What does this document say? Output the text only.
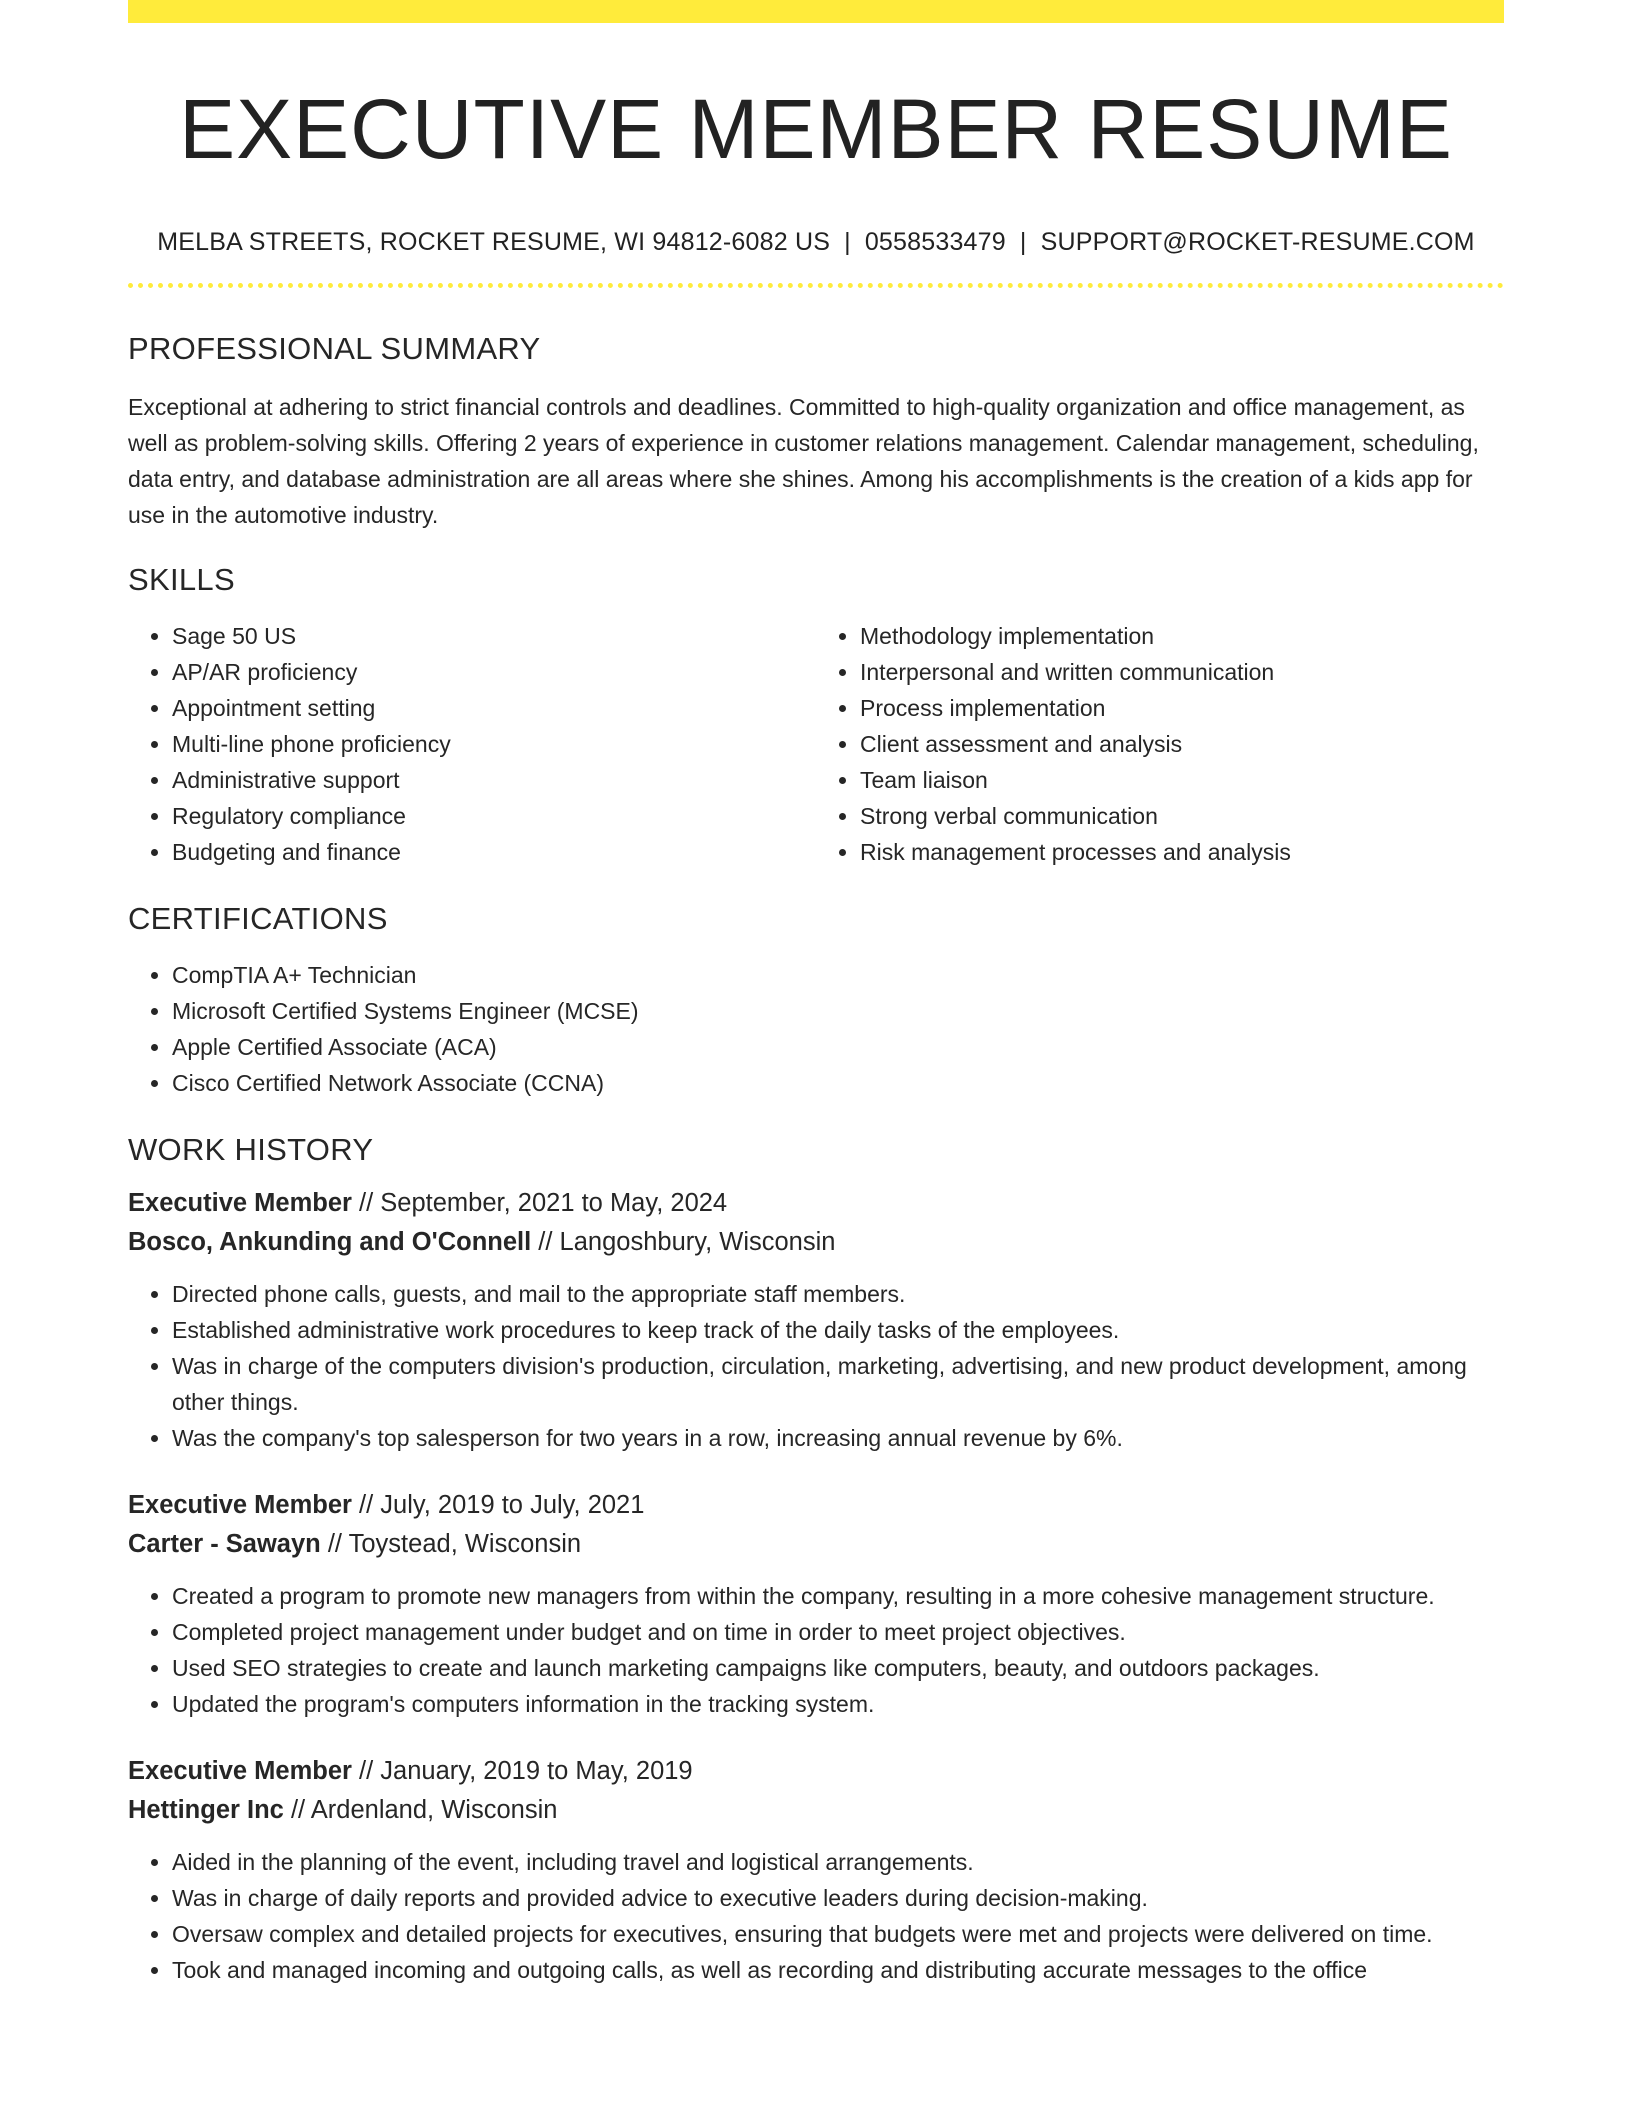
EXECUTIVE MEMBER RESUME
MELBA STREETS, ROCKET RESUME, WI 94812-6082 US | 0558533479 | SUPPORT@ROCKET-RESUME.COM
PROFESSIONAL SUMMARY

Exceptional at adhering to strict financial controls and deadlines. Committed to high-quality organization and office management, as well as problem-solving skills. Offering 2 years of experience in customer relations management. Calendar management, scheduling, data entry, and database administration are all areas where she shines. Among his accomplishments is the creation of a kids app for use in the automotive industry.

SKILLS
• Sage 50 US
• AP/AR proficiency
• Appointment setting
• Multi-line phone proficiency
• Administrative support
• Regulatory compliance
• Budgeting and finance
• Methodology implementation
• Interpersonal and written communication
• Process implementation
• Client assessment and analysis
• Team liaison
• Strong verbal communication
• Risk management processes and analysis
CERTIFICATIONS
• CompTIA A+ Technician
• Microsoft Certified Systems Engineer (MCSE)
• Apple Certified Associate (ACA)
• Cisco Certified Network Associate (CCNA)
WORK HISTORY
Executive Member // September, 2021 to May, 2024
Bosco, Ankunding and O'Connell // Langoshbury, Wisconsin
• Directed phone calls, guests, and mail to the appropriate staff members.
• Established administrative work procedures to keep track of the daily tasks of the employees.
• Was in charge of the computers division's production, circulation, marketing, advertising, and new product development, among other things.
• Was the company's top salesperson for two years in a row, increasing annual revenue by 6%.
Executive Member // July, 2019 to July, 2021
Carter - Sawayn // Toystead, Wisconsin
• Created a program to promote new managers from within the company, resulting in a more cohesive management structure.
• Completed project management under budget and on time in order to meet project objectives.
• Used SEO strategies to create and launch marketing campaigns like computers, beauty, and outdoors packages.
• Updated the program's computers information in the tracking system.
Executive Member // January, 2019 to May, 2019
Hettinger Inc // Ardenland, Wisconsin
• Aided in the planning of the event, including travel and logistical arrangements.
• Was in charge of daily reports and provided advice to executive leaders during decision-making.
• Oversaw complex and detailed projects for executives, ensuring that budgets were met and projects were delivered on time.
• Took and managed incoming and outgoing calls, as well as recording and distributing accurate messages to the office
